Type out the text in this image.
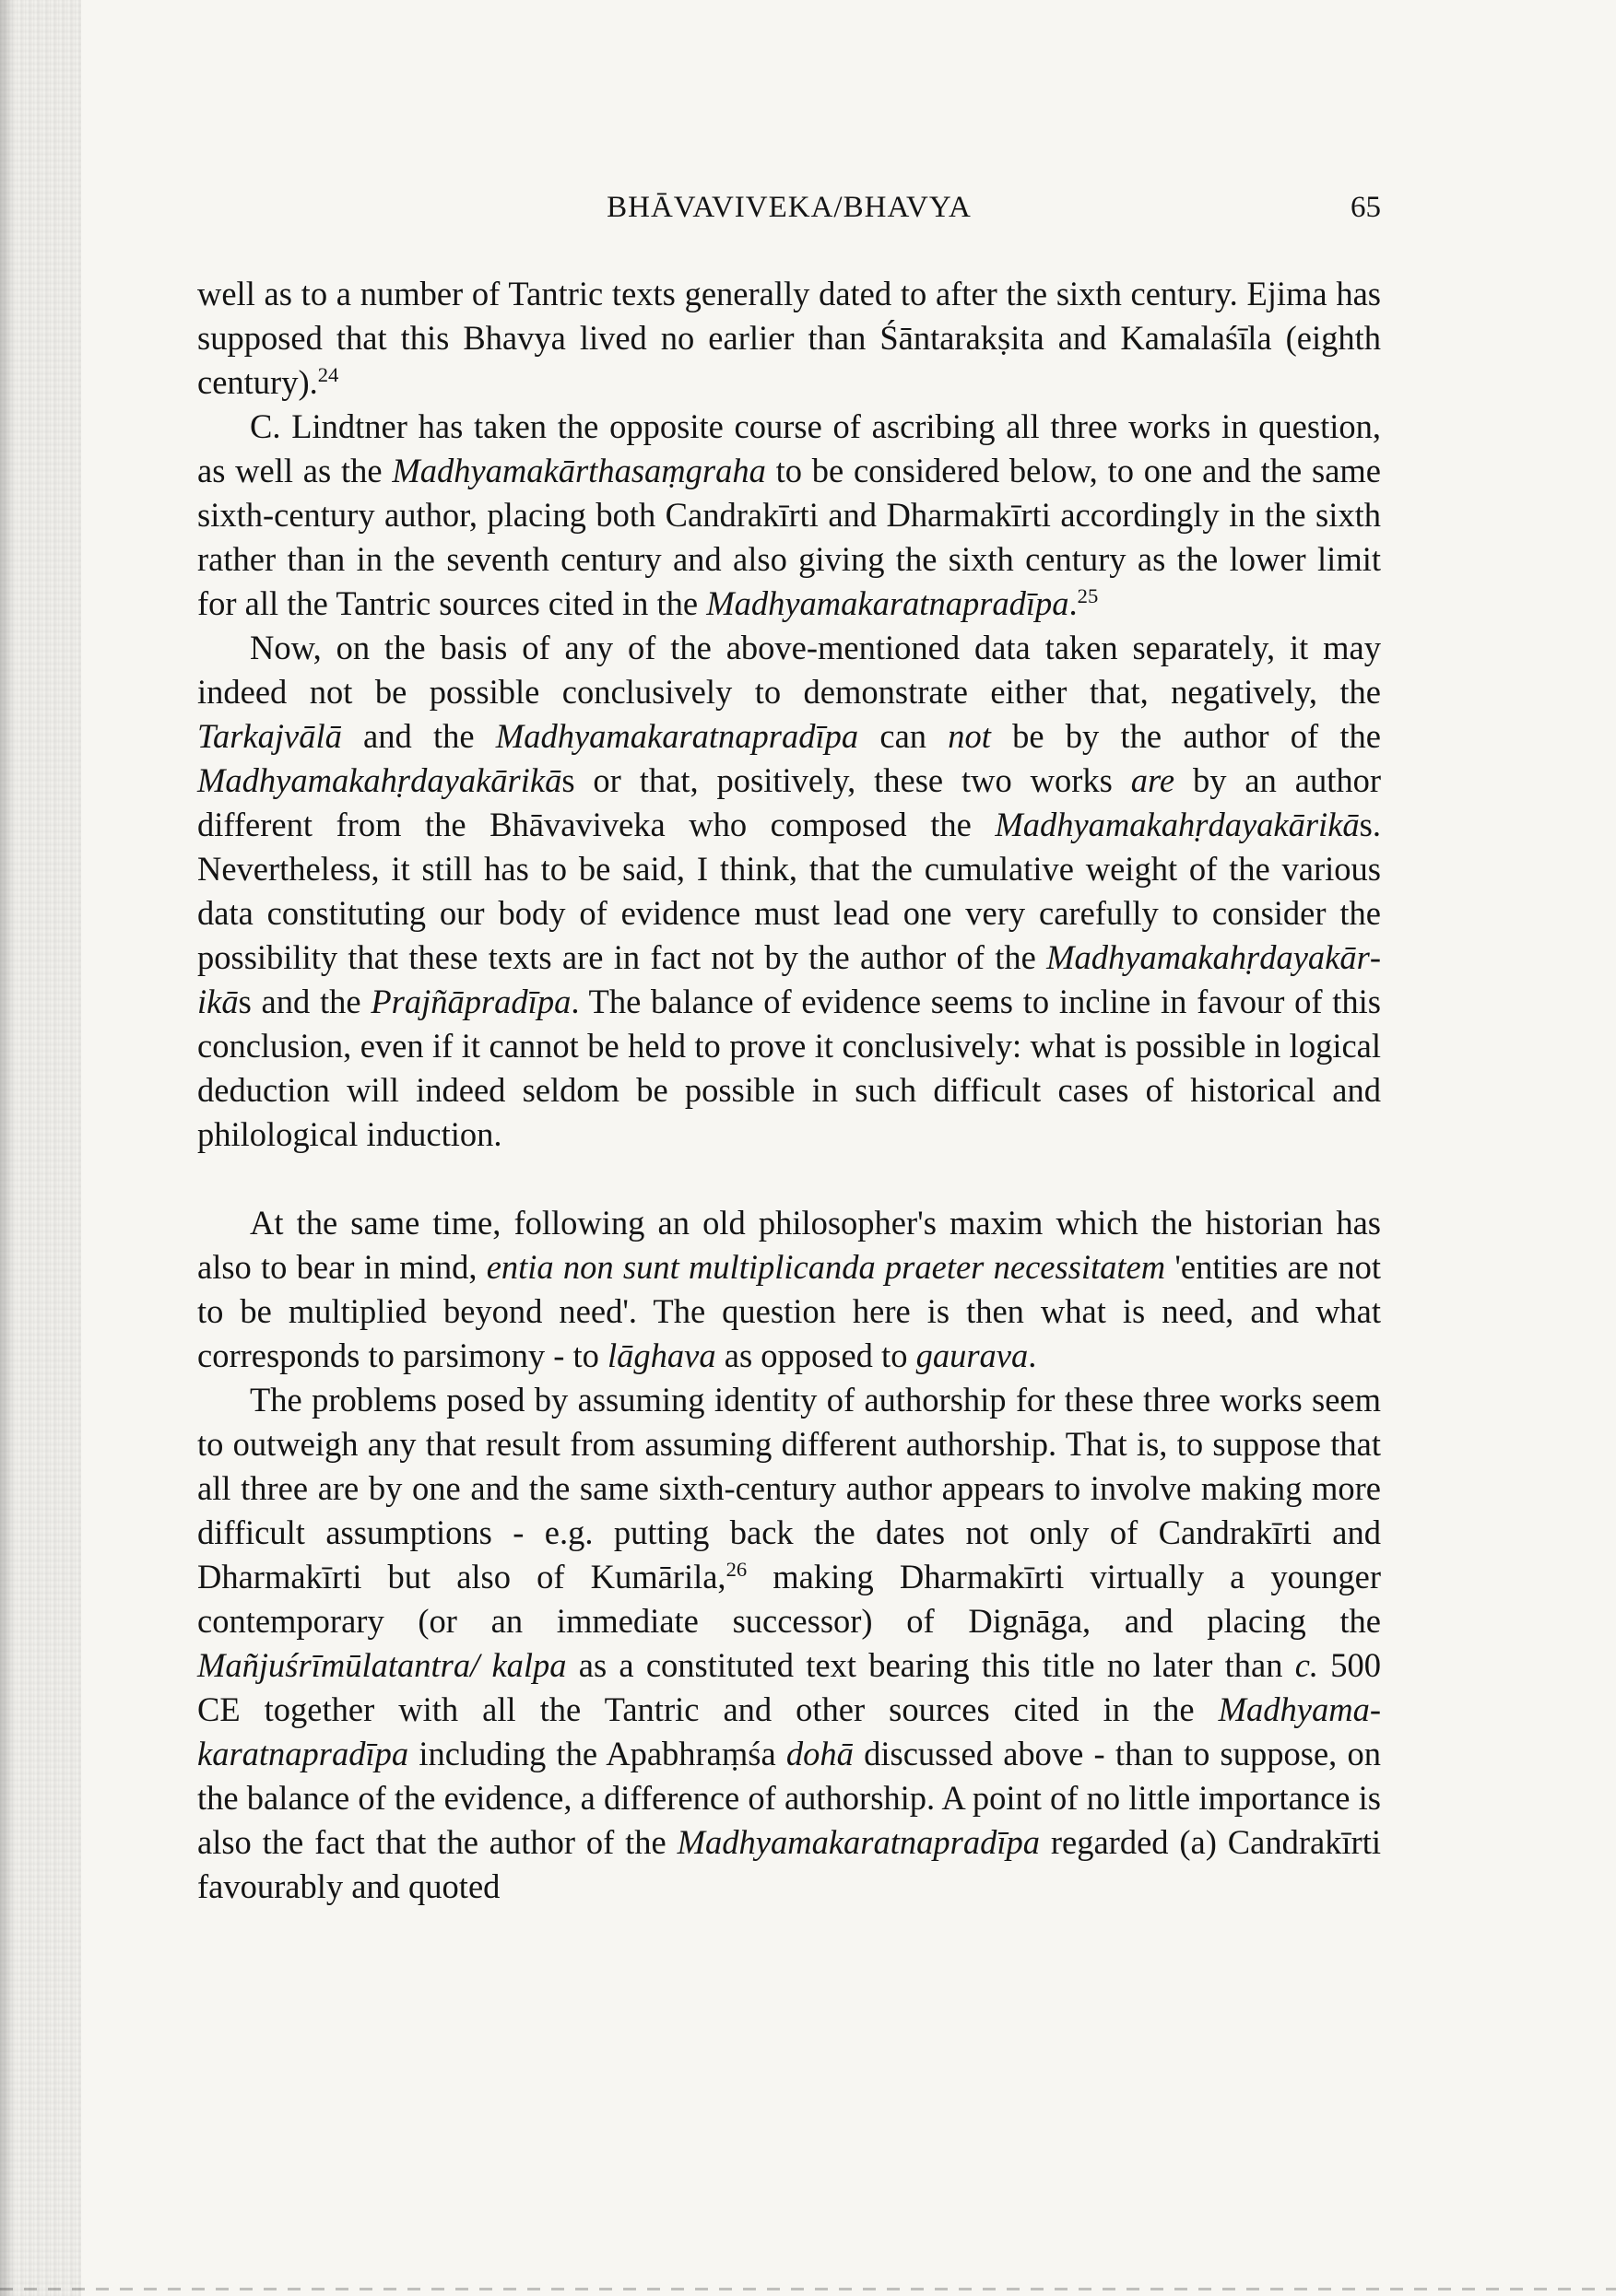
BHĀVAVIVEKA/BHAVYA	65

well as to a number of Tantric texts generally dated to after the sixth century. Ejima has supposed that this Bhavya lived no earlier than Śāntarakṣita and Kamalaśīla (eighth century).$^{24}$

C. Lindtner has taken the opposite course of ascribing all three works in question, as well as the Madhyamakārthasaṃgraha to be considered below, to one and the same sixth-century author, placing both Candrakīrti and Dharmakīrti accordingly in the sixth rather than in the seventh century and also giving the sixth century as the lower limit for all the Tantric sources cited in the Madhyamakaratnapradīpa.$^{25}$

Now, on the basis of any of the above-mentioned data taken separately, it may indeed not be possible conclusively to demonstrate either that, negatively, the Tarkajvālā and the Madhyamakaratnapradīpa can not be by the author of the Madhyamakahṛdayakārikās or that, positively, these two works are by an author different from the Bhāvaviveka who composed the Madhyamakahṛdayakārikās. Nevertheless, it still has to be said, I think, that the cumulative weight of the various data constituting our body of evidence must lead one very carefully to consider the possibility that these texts are in fact not by the author of the Madhyamakahṛdayakārikās and the Prajñāpradīpa. The balance of evidence seems to incline in favour of this conclusion, even if it cannot be held to prove it conclusively: what is possible in logical deduction will indeed seldom be possible in such difficult cases of historical and philological induction.

At the same time, following an old philosopher's maxim which the historian has also to bear in mind, entia non sunt multiplicanda praeter necessitatem 'entities are not to be multiplied beyond need'. The question here is then what is need, and what corresponds to parsimony - to lāghava as opposed to gaurava.

The problems posed by assuming identity of authorship for these three works seem to outweigh any that result from assuming different authorship. That is, to suppose that all three are by one and the same sixth-century author appears to involve making more difficult assumptions - e.g. putting back the dates not only of Candrakīrti and Dharmakīrti but also of Kumārila,$^{26}$ making Dharmakīrti virtually a younger contemporary (or an immediate successor) of Dignāga, and placing the Mañjuśrīmūlatantra/ kalpa as a constituted text bearing this title no later than c. 500 CE together with all the Tantric and other sources cited in the Madhyamakaratnapradīpa including the Apabhraṃśa dohā discussed above - than to suppose, on the balance of the evidence, a difference of authorship. A point of no little importance is also the fact that the author of the Madhyamakaratnapradīpa regarded (a) Candrakīrti favourably and quoted
